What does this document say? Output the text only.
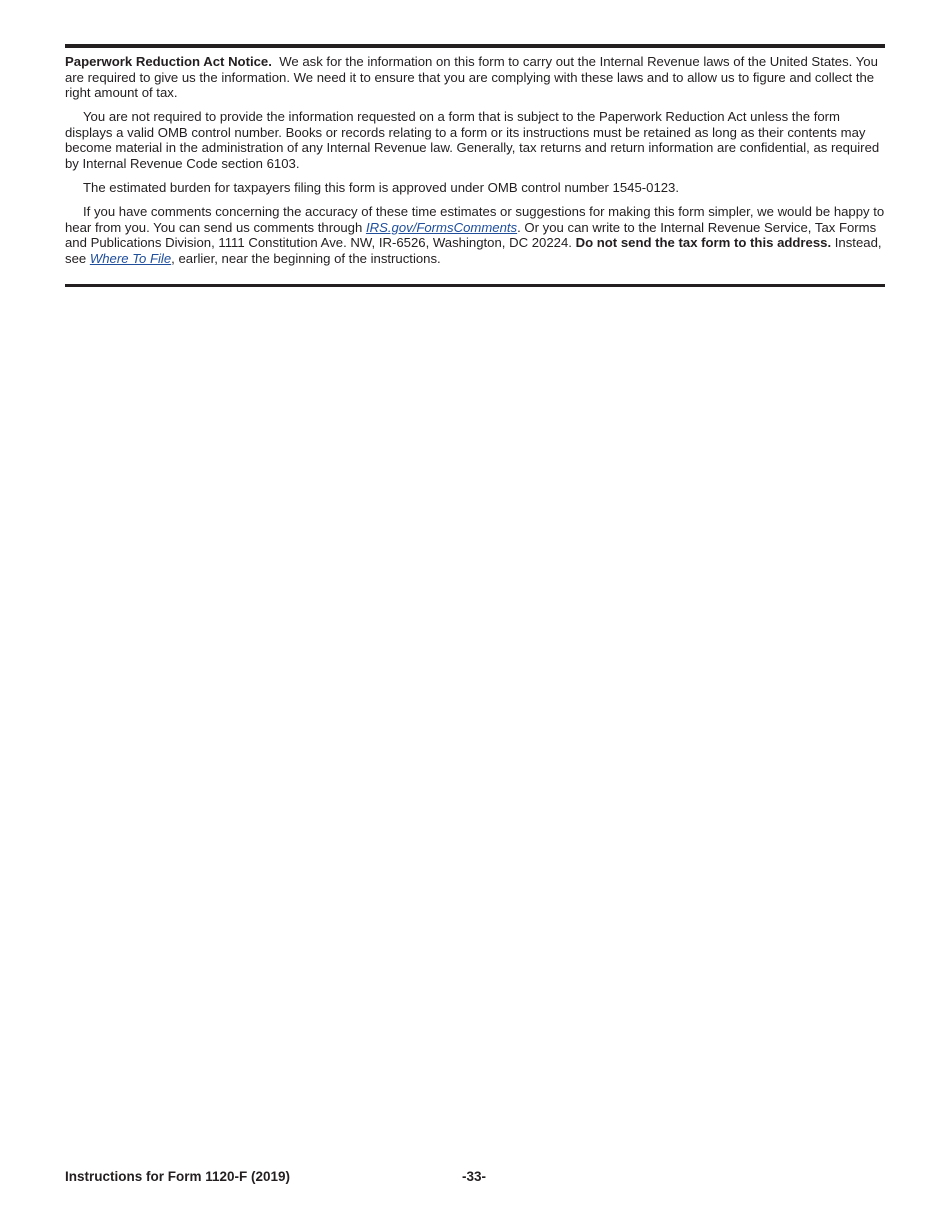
Paperwork Reduction Act Notice. We ask for the information on this form to carry out the Internal Revenue laws of the United States. You are required to give us the information. We need it to ensure that you are complying with these laws and to allow us to figure and collect the right amount of tax.

You are not required to provide the information requested on a form that is subject to the Paperwork Reduction Act unless the form displays a valid OMB control number. Books or records relating to a form or its instructions must be retained as long as their contents may become material in the administration of any Internal Revenue law. Generally, tax returns and return information are confidential, as required by Internal Revenue Code section 6103.

The estimated burden for taxpayers filing this form is approved under OMB control number 1545-0123.

If you have comments concerning the accuracy of these time estimates or suggestions for making this form simpler, we would be happy to hear from you. You can send us comments through IRS.gov/FormsComments. Or you can write to the Internal Revenue Service, Tax Forms and Publications Division, 1111 Constitution Ave. NW, IR-6526, Washington, DC 20224. Do not send the tax form to this address. Instead, see Where To File, earlier, near the beginning of the instructions.

Instructions for Form 1120-F (2019)	-33-
